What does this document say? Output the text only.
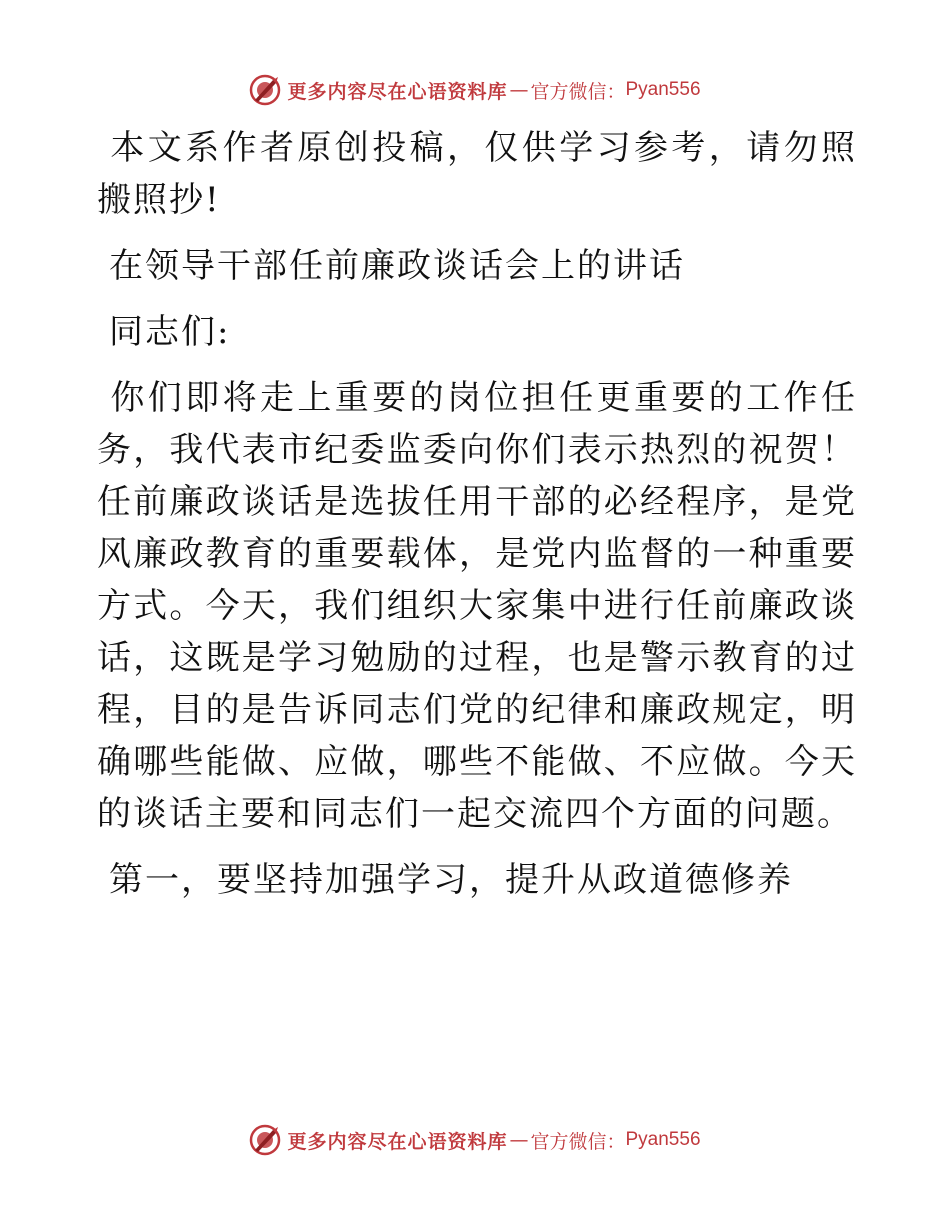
更多内容尽在心语资料库 — 官方微信： Pyan556

本文系作者原创投稿，仅供学习参考，请勿照搬照抄!

在领导干部任前廉政谈话会上的讲话

同志们:

你们即将走上重要的岗位担任更重要的工作任务，我代表市纪委监委向你们表示热烈的祝贺！任前廉政谈话是选拔任用干部的必经程序，是党风廉政教育的重要载体，是党内监督的一种重要方式。今天，我们组织大家集中进行任前廉政谈话，这既是学习勉励的过程，也是警示教育的过程，目的是告诉同志们党的纪律和廉政规定，明确哪些能做、应做，哪些不能做、不应做。今天的谈话主要和同志们一起交流四个方面的问题。

第一，要坚持加强学习，提升从政道德修养

更多内容尽在心语资料库 — 官方微信： Pyan556
